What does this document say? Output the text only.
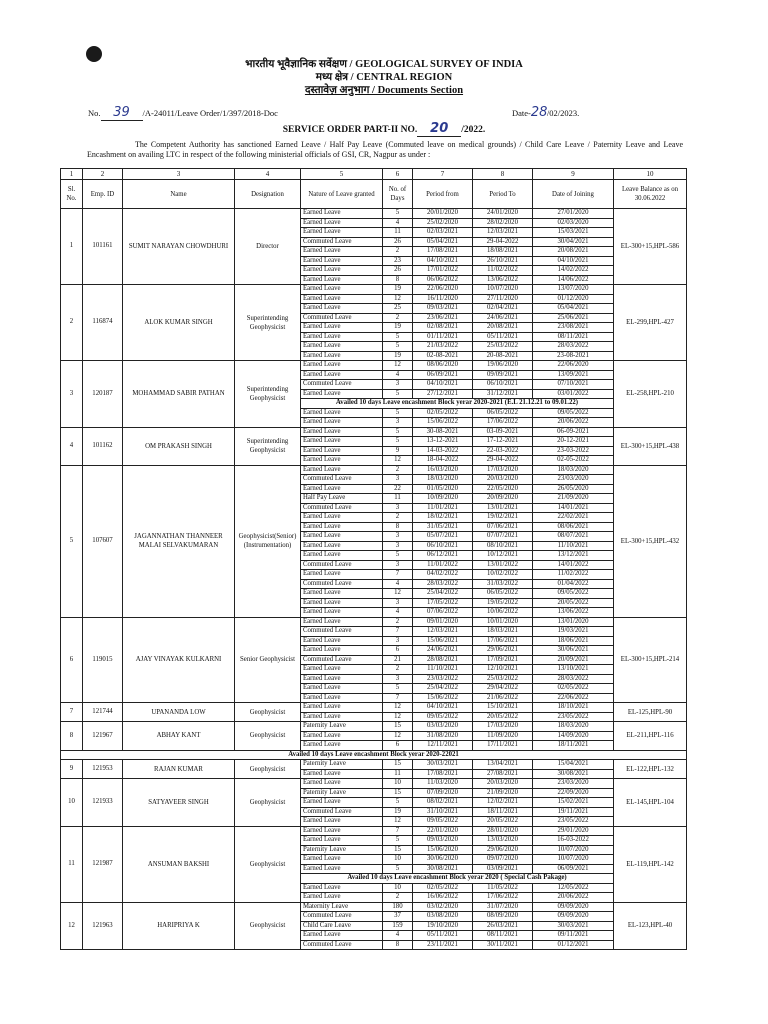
भारतीय भूवैज्ञानिक सर्वेक्षण / GEOLOGICAL SURVEY OF INDIA
मध्य क्षेत्र / CENTRAL REGION
दस्तावेज़ अनुभाग / Documents Section
No. 39 /A-24011/Leave Order/1/397/2018-Doc	Date-28/02/2023.
SERVICE ORDER PART-II NO. 20 /2022.
The Competent Authority has sanctioned Earned Leave / Half Pay Leave (Commuted leave on medical grounds) / Child Care Leave / Paternity Leave and Leave Encashment on availing LTC in respect of the following ministerial officials of GSI, CR, Nagpur as under :
1	2	3	4	5	6	7	8	9	10
Sl. No.	Emp. ID	Name	Designation	Nature of Leave granted	No. of Days	Period from	Period To	Date of Joining	Leave Balance as on 30.06.2022
1	101161	SUMIT NARAYAN CHOWDHURI	Director	Earned Leave	5	20/01/2020	24/01/2020	27/01/2020	EL-300+15,HPL-586
				Earned Leave	4	25/02/2020	28/02/2020	02/03/2020	
				Earned Leave	11	02/03/2021	12/03/2021	15/03/2021	
				Commuted Leave	26	05/04/2021	29-04-2022	30/04/2021	
				Earned Leave	2	17/08/2021	18/08/2021	20/08/2021	
				Earned Leave	23	04/10/2021	26/10/2021	04/10/2021	
				Earned Leave	26	17/01/2022	11/02/2022	14/02/2022	
				Earned Leave	8	06/06/2022	13/06/2022	14/06/2022	
2	116874	ALOK KUMAR SINGH	Superintending Geophysicist	Earned Leave	19	22/06/2020	10/07/2020	13/07/2020	EL-299,HPL-427
				Earned Leave	12	16/11/2020	27/11/2020	01/12/2020	
				Earned Leave	25	09/03/2021	02/04/2021	05/04/2021	
				Commuted Leave	2	23/06/2021	24/06/2021	25/06/2021	
				Earned Leave	19	02/08/2021	20/08/2021	23/08/2021	
				Earned Leave	5	01/11/2021	05/11/2021	08/11/2021	
				Earned Leave	5	21/03/2022	25/03/2022	28/03/2022	
				Earned Leave	19	02-08-2021	20-08-2021	23-08-2021	
3	120187	MOHAMMAD SABIR PATHAN	Superintending Geophysicist	Earned Leave	12	08/06/2020	19/06/2020	22/06/2020	EL-258,HPL-210
				Earned Leave	4	06/09/2021	09/09/2021	13/09/2021	
				Commuted Leave	3	04/10/2021	06/10/2021	07/10/2021	
				Earned Leave	5	27/12/2021	31/12/2021	03/01/2022	
				Availed 10 days Leave encashment Block yerar 2020-2021 (E.L 21.12.21 to 09.01.22)					
				Earned Leave	5	02/05/2022	06/05/2022	09/05/2022	
				Earned Leave	3	15/06/2022	17/06/2022	20/06/2022	
4	101162	OM PRAKASH SINGH	Superintending Geophysicist	Earned Leave	5	30-08-2021	03-09-2021	06-09-2021	EL-300+15,HPL-438
				Earned Leave	5	13-12-2021	17-12-2021	20-12-2021	
				Earned Leave	9	14-03-2022	22-03-2022	23-03-2022	
				Earned Leave	12	18-04-2022	29-04-2022	02-05-2022	
5	107607	JAGANNATHAN THANNEER MALAI SELVAKUMARAN	Geophysicist(Senior)(Instrumentation)	Earned Leave	2	16/03/2020	17/03/2020	18/03/2020	EL-300+15,HPL-432
				Commuted Leave	3	18/03/2020	20/03/2020	23/03/2020	
				Earned Leave	22	01/05/2020	22/05/2020	26/05/2020	
				Half Pay Leave	11	10/09/2020	20/09/2020	21/09/2020	
				Commuted Leave	3	11/01/2021	13/01/2021	14/01/2021	
				Earned Leave	2	18/02/2021	19/02/2021	22/02/2021	
				Earned Leave	8	31/05/2021	07/06/2021	08/06/2021	
				Earned Leave	3	05/07/2021	07/07/2021	08/07/2021	
				Earned Leave	3	06/10/2021	08/10/2021	11/10/2021	
				Earned Leave	5	06/12/2021	10/12/2021	13/12/2021	
				Commuted Leave	3	11/01/2022	13/01/2022	14/01/2022	
				Earned Leave	7	04/02/2022	10/02/2022	11/02/2022	
				Commuted Leave	4	28/03/2022	31/03/2022	01/04/2022	
				Earned Leave	12	25/04/2022	06/05/2022	09/05/2022	
				Earned Leave	3	17/05/2022	19/05/2022	20/05/2022	
				Earned Leave	4	07/06/2022	10/06/2022	13/06/2022	
6	119015	AJAY VINAYAK KULKARNI	Senior Geophysicist	Earned Leave	2	09/01/2020	10/01/2020	13/01/2020	EL-300+15,HPL-214
				Commuted Leave	7	12/03/2021	18/03/2021	19/03/2021	
				Earned Leave	3	15/06/2021	17/06/2021	18/06/2021	
				Earned Leave	6	24/06/2021	29/06/2021	30/06/2021	
				Commuted Leave	21	28/08/2021	17/09/2021	20/09/2021	
				Earned Leave	2	11/10/2021	12/10/2021	13/10/2021	
				Earned Leave	3	23/03/2022	25/03/2022	28/03/2022	
				Earned Leave	5	25/04/2022	29/04/2022	02/05/2022	
				Earned Leave	7	15/06/2022	21/06/2022	22/06/2022	
7	121744	UPANANDA LOW	Geophysicist	Earned Leave	12	04/10/2021	15/10/2021	18/10/2021	EL-125,HPL-90
				Earned Leave	12	09/05/2022	20/05/2022	23/05/2022	
8	121967	ABHAY KANT	Geophysicist	Paternity Leave	15	03/03/2020	17/03/2020	18/03/2020	EL-211,HPL-116
				Earned Leave	12	31/08/2020	11/09/2020	14/09/2020	
				Earned Leave	6	12/11/2021	17/11/2021	18/11/2021	
Availed 10 days Leave encashment Block yerar 2020-22021									
9	121953	RAJAN KUMAR	Geophysicist	Paternity Leave	15	30/03/2021	13/04/2021	15/04/2021	EL-122,HPL-132
				Earned Leave	11	17/08/2021	27/08/2021	30/08/2021	
10	121933	SATYAVEER SINGH	Geophysicist	Earned Leave	10	11/03/2020	20/03/2020	23/03/2020	EL-145,HPL-104
				Paternity Leave	15	07/09/2020	21/09/2020	22/09/2020	
				Earned Leave	5	08/02/2021	12/02/2021	15/02/2021	
				Commuted Leave	19	31/10/2021	18/11/2021	19/11/2021	
				Earned Leave	12	09/05/2022	20/05/2022	23/05/2022	
11	121987	ANSUMAN BAKSHI	Geophysicist	Earned Leave	7	22/01/2020	28/01/2020	29/01/2020	EL-119,HPL-142
				Earned Leave	5	09/03/2020	13/03/2020	16-03-2022	
				Paternity Leave	15	15/06/2020	29/06/2020	10/07/2020	
				Earned Leave	10	30/06/2020	09/07/2020	10/07/2020	
				Earned Leave	5	30/08/2021	03/09/2021	06/09/2021	
				Availed 10 days Leave encashment Block yerar 2020 ( Special Cash Pakage)					
				Earned Leave	10	02/05/2022	11/05/2022	12/05/2022	
				Earned Leave	2	16/06/2022	17/06/2022	20/06/2022	
12	121963	HARIPRIYA K	Geophysicist	Maternity Leave	180	03/02/2020	31/07/2020	09/09/2020	EL-123,HPL-40
				Commuted Leave	37	03/08/2020	08/09/2020	09/09/2020	
				Child Care Leave	159	19/10/2020	26/03/2021	30/03/2021	
				Earned Leave	4	05/11/2021	08/11/2021	09/11/2021	
				Commuted Leave	8	23/11/2021	30/11/2021	01/12/2021	
